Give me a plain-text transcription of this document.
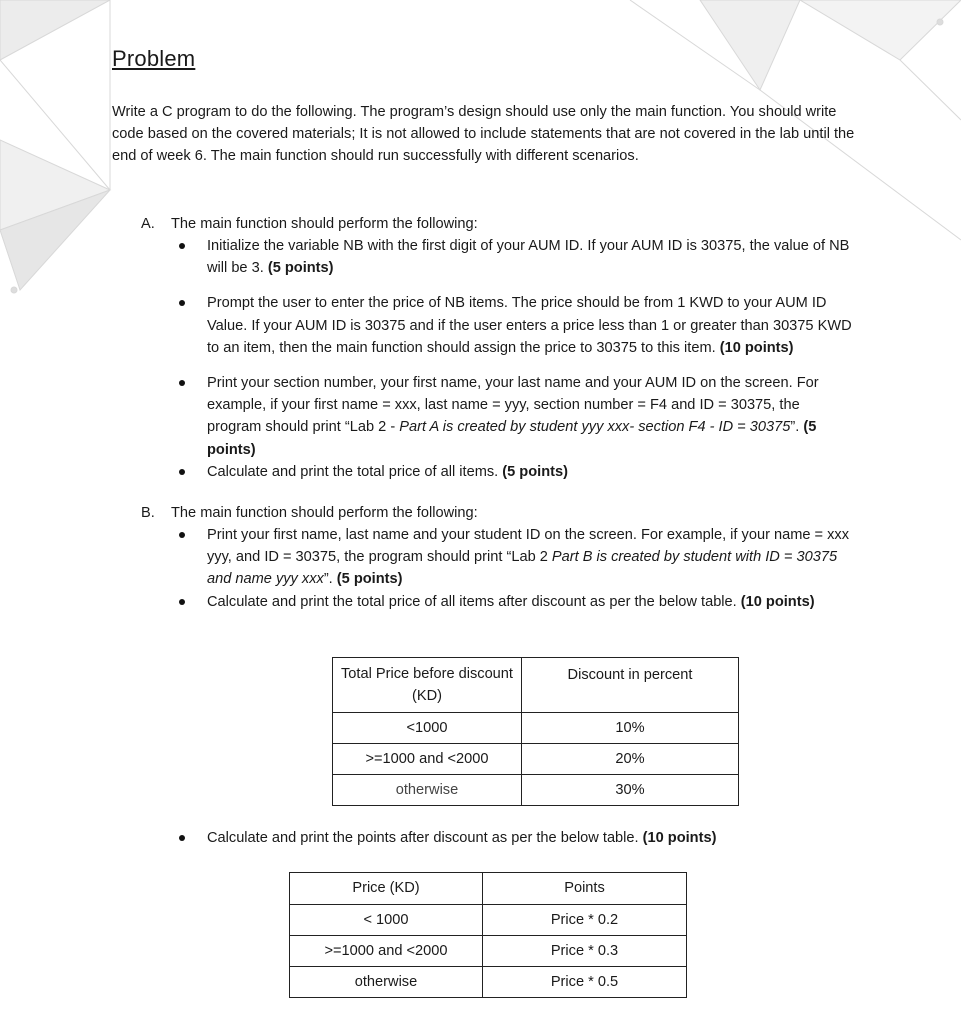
Problem
Write a C program to do the following. The program’s design should use only the main function. You should write code based on the covered materials; It is not allowed to include statements that are not covered in the lab until the end of week 6. The main function should run successfully with different scenarios.
A. The main function should perform the following:
Initialize the variable NB with the first digit of your AUM ID. If your AUM ID is 30375, the value of NB will be 3. (5 points)
Prompt the user to enter the price of NB items. The price should be from 1 KWD to your AUM ID Value. If your AUM ID is 30375 and if the user enters a price less than 1 or greater than 30375 KWD to an item, then the main function should assign the price to 30375 to this item. (10 points)
Print your section number, your first name, your last name and your AUM ID on the screen. For example, if your first name = xxx, last name = yyy, section number = F4 and ID = 30375, the program should print “Lab 2 - Part A is created by student yyy xxx- section F4 - ID = 30375”. (5 points)
Calculate and print the total price of all items. (5 points)
B. The main function should perform the following:
Print your first name, last name and your student ID on the screen. For example, if your name = xxx yyy, and ID = 30375, the program should print “Lab 2 Part B is created by student with ID = 30375 and name yyy xxx”. (5 points)
Calculate and print the total price of all items after discount as per the below table. (10 points)
Total Price before discount (KD)	Discount in percent
<1000	10%
>=1000 and <2000	20%
otherwise	30%
Calculate and print the points after discount as per the below table. (10 points)
Price (KD)	Points
< 1000	Price * 0.2
>=1000 and <2000	Price * 0.3
otherwise	Price * 0.5
